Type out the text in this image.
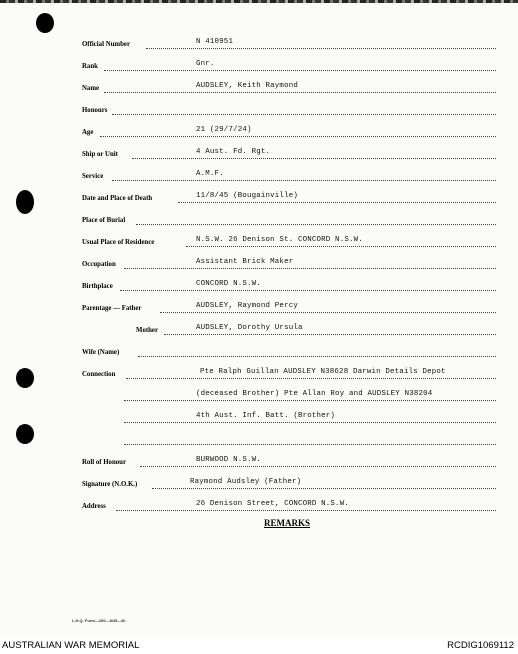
Official Number	N 410951
Rank	Gnr.
Name	AUDSLEY, Keith Raymond
Honours
Age	21 (29/7/24)
Ship or Unit	4 Aust. Fd. Rgt.
Service	A.M.F.
Date and Place of Death	11/8/45 (Bougainville)
Place of Burial
Usual Place of Residence	N.S.W. 26 Denison St. CONCORD N.S.W.
Occupation	Assistant Brick Maker
Birthplace	CONCORD N.S.W.
Parentage — Father	AUDSLEY, Raymond Percy
Mother	AUDSLEY, Dorothy Ursula
Wife (Name)
Connection	Pte Ralph Guillan AUDSLEY N38628 Darwin Details Depot
(deceased Brother) Pte Allan Roy and AUDSLEY N38204
4th Aust. Inf. Batt. (Brother)
Roll of Honour	BURWOOD N.S.W.
Signature (N.O.K.)	Raymond Audsley (Father)
Address	26 Denison Street, CONCORD N.S.W.
REMARKS
L.H.Q. Form—200—8/45—M.
AUSTRALIAN WAR MEMORIAL	RCDIG1069112
